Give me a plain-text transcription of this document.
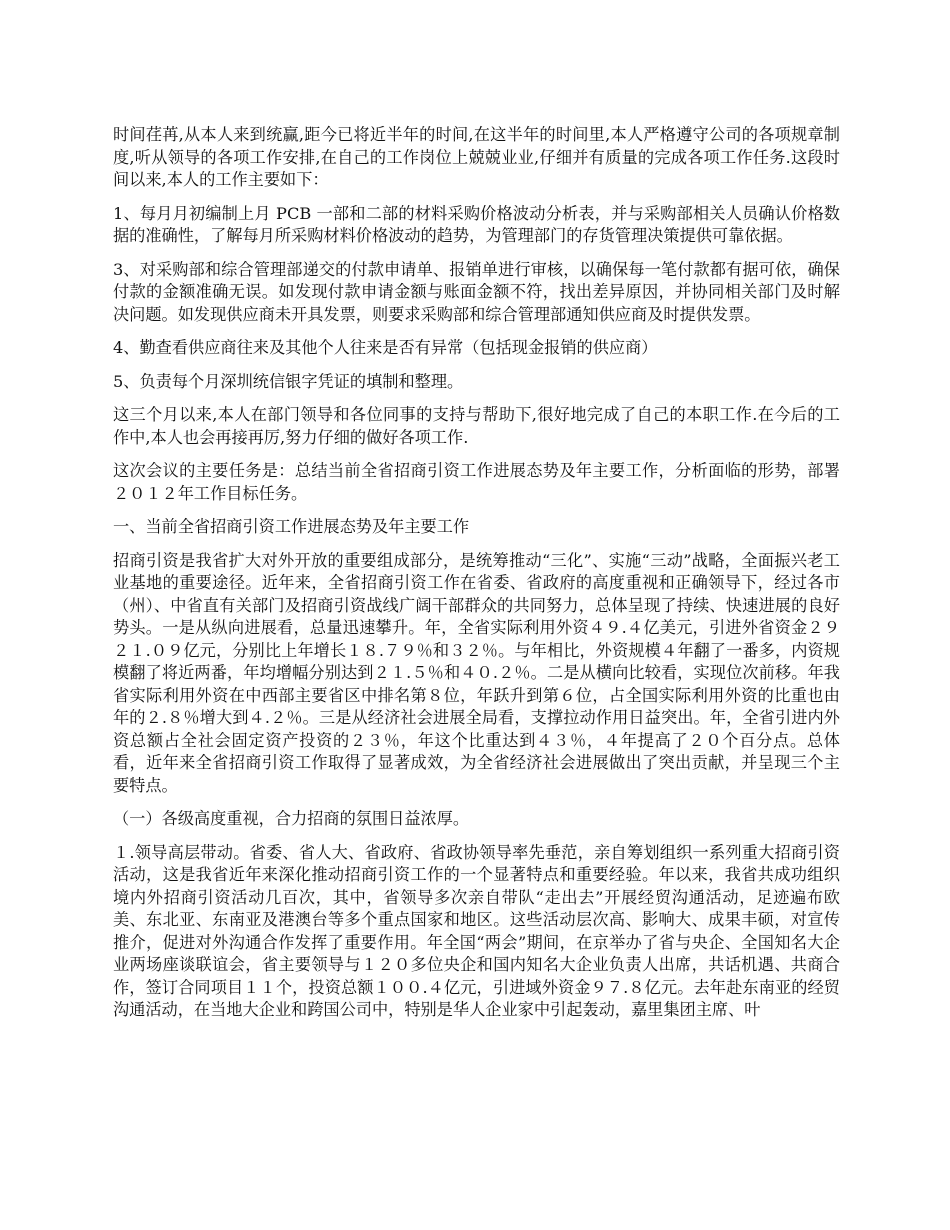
时间荏苒,从本人来到统赢,距今已将近半年的时间,在这半年的时间里,本人严格遵守公司的各项规章制度,听从领导的各项工作安排,在自己的工作岗位上兢兢业业,仔细并有质量的完成各项工作任务.这段时间以来,本人的工作主要如下：

1、每月月初编制上月 PCB 一部和二部的材料采购价格波动分析表，并与采购部相关人员确认价格数据的准确性，了解每月所采购材料价格波动的趋势，为管理部门的存货管理决策提供可靠依据。

3、对采购部和综合管理部递交的付款申请单、报销单进行审核，以确保每一笔付款都有据可依，确保付款的金额准确无误。如发现付款申请金额与账面金额不符，找出差异原因，并协同相关部门及时解决问题。如发现供应商未开具发票，则要求采购部和综合管理部通知供应商及时提供发票。

4、勤查看供应商往来及其他个人往来是否有异常（包括现金报销的供应商）

5、负责每个月深圳统信银字凭证的填制和整理。

这三个月以来,本人在部门领导和各位同事的支持与帮助下,很好地完成了自己的本职工作.在今后的工作中,本人也会再接再厉,努力仔细的做好各项工作.

这次会议的主要任务是：总结当前全省招商引资工作进展态势及年主要工作，分析面临的形势，部署２０１２年工作目标任务。

一、当前全省招商引资工作进展态势及年主要工作

招商引资是我省扩大对外开放的重要组成部分，是统筹推动“三化”、实施“三动”战略，全面振兴老工业基地的重要途径。近年来，全省招商引资工作在省委、省政府的高度重视和正确领导下，经过各市（州）、中省直有关部门及招商引资战线广阔干部群众的共同努力，总体呈现了持续、快速进展的良好势头。一是从纵向进展看，总量迅速攀升。年，全省实际利用外资４９.４亿美元，引进外省资金２９２１.０９亿元，分别比上年增长１８.７９％和３２％。与年相比，外资规模４年翻了一番多，内资规模翻了将近两番，年均增幅分别达到２１.５％和４０.２％。二是从横向比较看，实现位次前移。年我省实际利用外资在中西部主要省区中排名第８位，年跃升到第６位，占全国实际利用外资的比重也由年的２.８％增大到４.２％。三是从经济社会进展全局看，支撑拉动作用日益突出。年，全省引进内外资总额占全社会固定资产投资的２３％，年这个比重达到４３％，４年提高了２０个百分点。总体看，近年来全省招商引资工作取得了显著成效，为全省经济社会进展做出了突出贡献，并呈现三个主要特点。

（一）各级高度重视，合力招商的氛围日益浓厚。

１.领导高层带动。省委、省人大、省政府、省政协领导率先垂范，亲自筹划组织一系列重大招商引资活动，这是我省近年来深化推动招商引资工作的一个显著特点和重要经验。年以来，我省共成功组织境内外招商引资活动几百次，其中，省领导多次亲自带队“走出去”开展经贸沟通活动，足迹遍布欧美、东北亚、东南亚及港澳台等多个重点国家和地区。这些活动层次高、影响大、成果丰硕，对宣传推介，促进对外沟通合作发挥了重要作用。年全国“两会”期间，在京举办了省与央企、全国知名大企业两场座谈联谊会，省主要领导与１２０多位央企和国内知名大企业负责人出席，共话机遇、共商合作，签订合同项目１１个，投资总额１００.４亿元，引进域外资金９７.８亿元。去年赴东南亚的经贸沟通活动，在当地大企业和跨国公司中，特别是华人企业家中引起轰动，嘉里集团主席、叶
